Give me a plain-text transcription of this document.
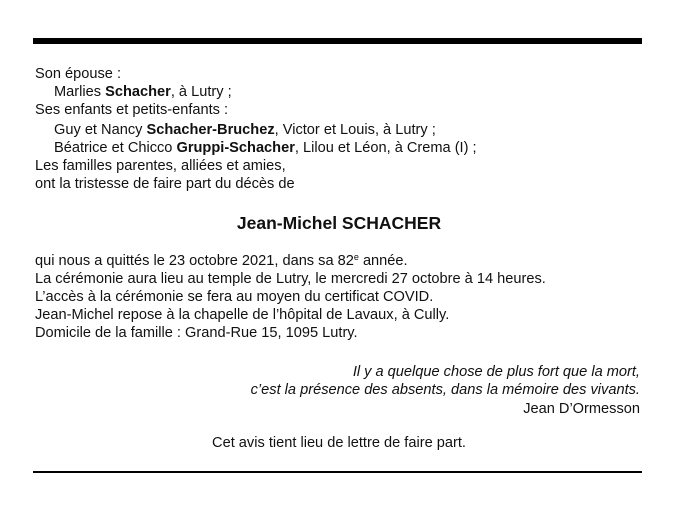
Son épouse :
Marlies Schacher, à Lutry ;
Ses enfants et petits-enfants :
Guy et Nancy Schacher-Bruchez, Victor et Louis, à Lutry ;
Béatrice et Chicco Gruppi-Schacher, Lilou et Léon, à Crema (I) ;
Les familles parentes, alliées et amies,
ont la tristesse de faire part du décès de
Jean-Michel SCHACHER
qui nous a quittés le 23 octobre 2021, dans sa 82e année.
La cérémonie aura lieu au temple de Lutry, le mercredi 27 octobre à 14 heures.
L’accès à la cérémonie se fera au moyen du certificat COVID.
Jean-Michel repose à la chapelle de l’hôpital de Lavaux, à Cully.
Domicile de la famille : Grand-Rue 15, 1095 Lutry.
Il y a quelque chose de plus fort que la mort,
c’est la présence des absents, dans la mémoire des vivants.
Jean D’Ormesson
Cet avis tient lieu de lettre de faire part.
